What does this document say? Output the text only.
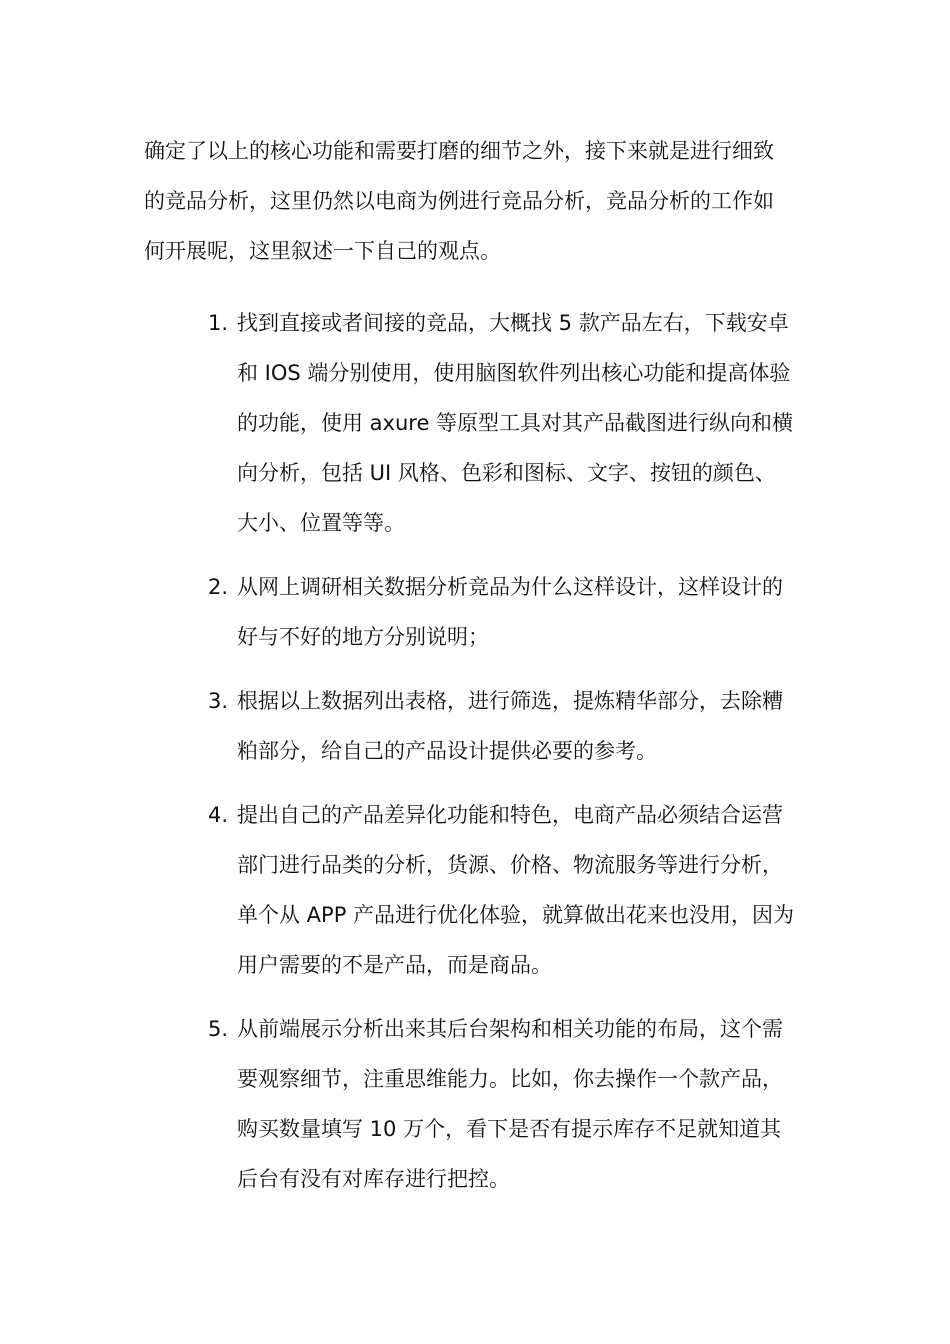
确定了以上的核心功能和需要打磨的细节之外，接下来就是进行细致
的竞品分析，这里仍然以电商为例进行竞品分析，竞品分析的工作如
何开展呢，这里叙述一下自己的观点。

1. 找到直接或者间接的竞品，大概找 5 款产品左右，下载安卓
和 IOS 端分别使用，使用脑图软件列出核心功能和提高体验
的功能，使用 axure 等原型工具对其产品截图进行纵向和横
向分析，包括 UI 风格、色彩和图标、文字、按钮的颜色、
大小、位置等等。
2. 从网上调研相关数据分析竞品为什么这样设计，这样设计的
好与不好的地方分别说明；
3. 根据以上数据列出表格，进行筛选，提炼精华部分，去除糟
粕部分，给自己的产品设计提供必要的参考。
4. 提出自己的产品差异化功能和特色，电商产品必须结合运营
部门进行品类的分析，货源、价格、物流服务等进行分析，
单个从 APP 产品进行优化体验，就算做出花来也没用，因为
用户需要的不是产品，而是商品。
5. 从前端展示分析出来其后台架构和相关功能的布局，这个需
要观察细节，注重思维能力。比如，你去操作一个款产品，
购买数量填写 10 万个，看下是否有提示库存不足就知道其
后台有没有对库存进行把控。
